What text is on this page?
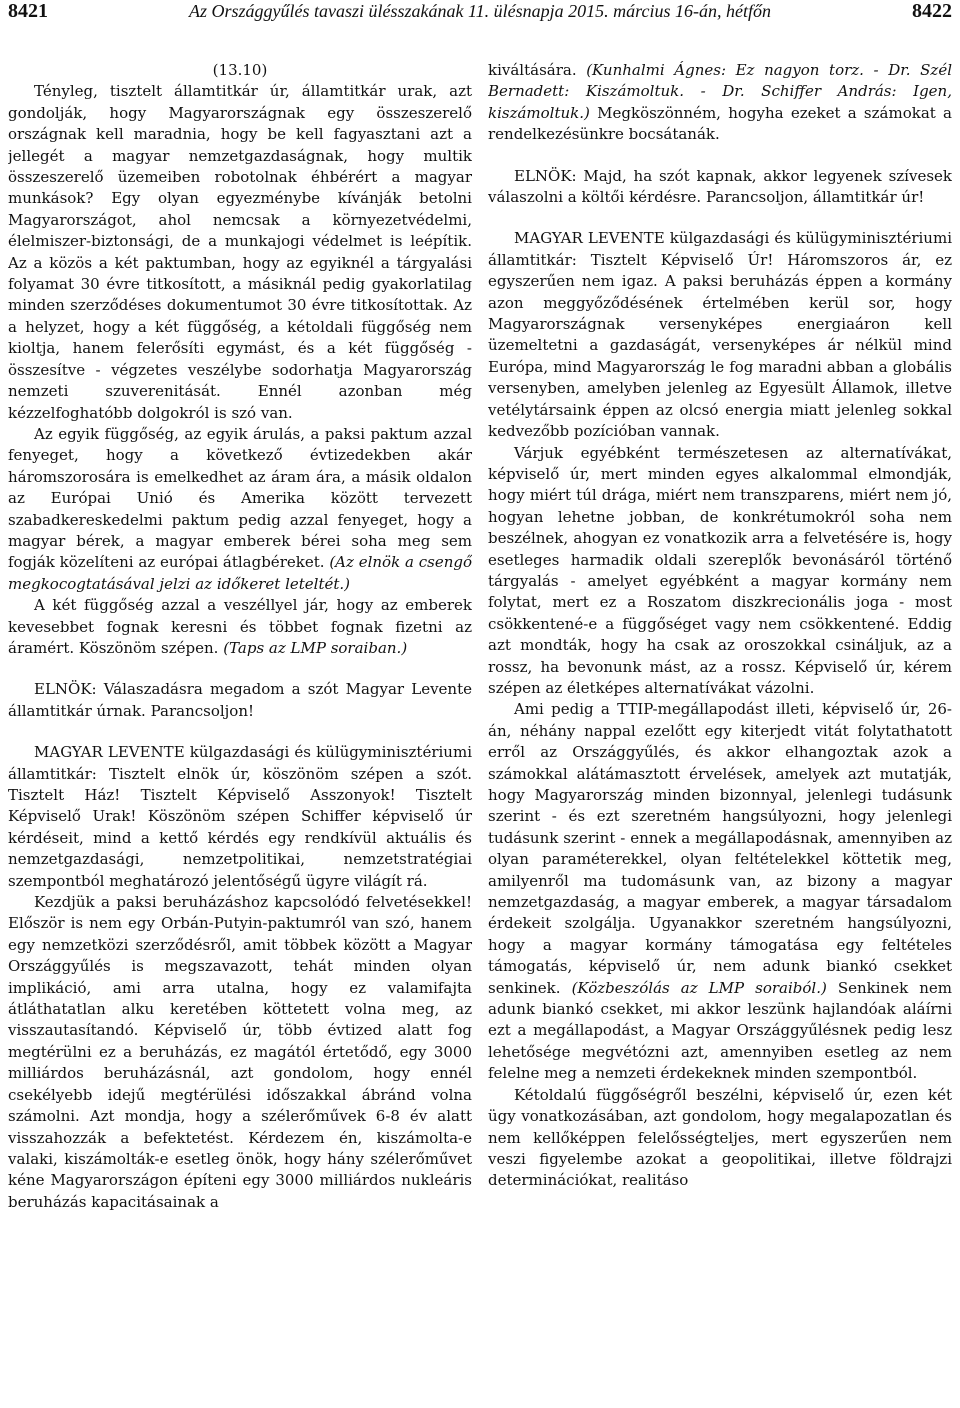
8421	Az Országgyűlés tavaszi ülésszakának 11. ülésnapja 2015. március 16-án, hétfőn	8422

(13.10)

Tényleg, tisztelt államtitkár úr, államtitkár urak, azt gondolják, hogy Magyarországnak egy összeszerelő országnak kell maradnia, hogy be kell fagyasztani azt a jellegét a magyar nemzetgazdaságnak, hogy multik összeszerelő üzemeiben robotolnak éhbérért a magyar munkások? Egy olyan egyezménybe kívánják betolni Magyarországot, ahol nemcsak a környezetvédelmi, élelmiszer-biztonsági, de a munkajogi védelmet is leépítik. Az a közös a két paktumban, hogy az egyiknél a tárgyalási folyamat 30 évre titkosított, a másiknál pedig gyakorlatilag minden szerződéses dokumentumot 30 évre titkosítottak. Az a helyzet, hogy a két függőség, a kétoldali függőség nem kioltja, hanem felerősíti egymást, és a két függőség - összesítve - végzetes veszélybe sodorhatja Magyarország nemzeti szuverenitását. Ennél azonban még kézzelfoghatóbb dolgokról is szó van.

Az egyik függőség, az egyik árulás, a paksi paktum azzal fenyeget, hogy a következő évtizedekben akár háromszorosára is emelkedhet az áram ára, a másik oldalon az Európai Unió és Amerika között tervezett szabadkereskedelmi paktum pedig azzal fenyeget, hogy a magyar bérek, a magyar emberek bérei soha meg sem fogják közelíteni az európai átlagbéreket. (Az elnök a csengő megkocogtatásával jelzi az időkeret leteltét.)

A két függőség azzal a veszéllyel jár, hogy az emberek kevesebbet fognak keresni és többet fognak fizetni az áramért. Köszönöm szépen. (Taps az LMP soraiban.)

ELNÖK: Válaszadásra megadom a szót Magyar Levente államtitkár úrnak. Parancsoljon!

MAGYAR LEVENTE külgazdasági és külügyminisztériumi államtitkár: Tisztelt elnök úr, köszönöm szépen a szót. Tisztelt Ház! Tisztelt Képviselő Asszonyok! Tisztelt Képviselő Urak! Köszönöm szépen Schiffer képviselő úr kérdéseit, mind a kettő kérdés egy rendkívül aktuális és nemzetgazdasági, nemzetpolitikai, nemzetstratégiai szempontból meghatározó jelentőségű ügyre világít rá.

Kezdjük a paksi beruházáshoz kapcsolódó felvetésekkel! Először is nem egy Orbán-Putyin-paktumról van szó, hanem egy nemzetközi szerződésről, amit többek között a Magyar Országgyűlés is megszavazott, tehát minden olyan implikáció, ami arra utalna, hogy ez valamifajta átláthatatlan alku keretében köttetett volna meg, az visszautasítandó. Képviselő úr, több évtized alatt fog megtérülni ez a beruházás, ez magától értetődő, egy 3000 milliárdos beruházásnál, azt gondolom, hogy ennél csekélyebb idejű megtérülési időszakkal ábránd volna számolni. Azt mondja, hogy a szélerőművek 6-8 év alatt visszahozzák a befektetést. Kérdezem én, kiszámolta-e valaki, kiszámolták-e esetleg önök, hogy hány szélerőművet kéne Magyarországon építeni egy 3000 milliárdos nukleáris beruházás kapacitásainak a

kiváltására. (Kunhalmi Ágnes: Ez nagyon torz. - Dr. Szél Bernadett: Kiszámoltuk. - Dr. Schiffer András: Igen, kiszámoltuk.) Megköszönném, hogyha ezeket a számokat a rendelkezésünkre bocsátanák.

ELNÖK: Majd, ha szót kapnak, akkor legyenek szívesek válaszolni a költői kérdésre. Parancsoljon, államtitkár úr!

MAGYAR LEVENTE külgazdasági és külügyminisztériumi államtitkár: Tisztelt Képviselő Úr! Háromszoros ár, ez egyszerűen nem igaz. A paksi beruházás éppen a kormány azon meggyőződésének értelmében kerül sor, hogy Magyarországnak versenyképes energiaáron kell üzemeltetni a gazdaságát, versenyképes ár nélkül mind Európa, mind Magyarország le fog maradni abban a globális versenyben, amelyben jelenleg az Egyesült Államok, illetve vetélytársaink éppen az olcsó energia miatt jelenleg sokkal kedvezőbb pozícióban vannak.

Várjuk egyébként természetesen az alternatívákat, képviselő úr, mert minden egyes alkalommal elmondják, hogy miért túl drága, miért nem transzparens, miért nem jó, hogyan lehetne jobban, de konkrétumokról soha nem beszélnek, ahogyan ez vonatkozik arra a felvetésére is, hogy esetleges harmadik oldali szereplők bevonásáról történő tárgyalás - amelyet egyébként a magyar kormány nem folytat, mert ez a Roszatom diszkrecionális joga - most csökkentené-e a függőséget vagy nem csökkentené. Eddig azt mondták, hogy ha csak az oroszokkal csináljuk, az a rossz, ha bevonunk mást, az a rossz. Képviselő úr, kérem szépen az életképes alternatívákat vázolni.

Ami pedig a TTIP-megállapodást illeti, képviselő úr, 26-án, néhány nappal ezelőtt egy kiterjedt vitát folytathatott erről az Országgyűlés, és akkor elhangoztak azok a számokkal alátámasztott érvelések, amelyek azt mutatják, hogy Magyarország minden bizonnyal, jelenlegi tudásunk szerint - és ezt szeretném hangsúlyozni, hogy jelenlegi tudásunk szerint - ennek a megállapodásnak, amennyiben az olyan paraméterekkel, olyan feltételekkel köttetik meg, amilyenről ma tudomásunk van, az bizony a magyar nemzetgazdaság, a magyar emberek, a magyar társadalom érdekeit szolgálja. Ugyanakkor szeretném hangsúlyozni, hogy a magyar kormány támogatása egy feltételes támogatás, képviselő úr, nem adunk biankó csekket senkinek. (Közbeszólás az LMP soraiból.) Senkinek nem adunk biankó csekket, mi akkor leszünk hajlandóak aláírni ezt a megállapodást, a Magyar Országgyűlésnek pedig lesz lehetősége megvétózni azt, amennyiben esetleg az nem felelne meg a nemzeti érdekeknek minden szempontból.

Kétoldalú függőségről beszélni, képviselő úr, ezen két ügy vonatkozásában, azt gondolom, hogy megalapozatlan és nem kellőképpen felelősségteljes, mert egyszerűen nem veszi figyelembe azokat a geopolitikai, illetve földrajzi determinációkat, realitáso
